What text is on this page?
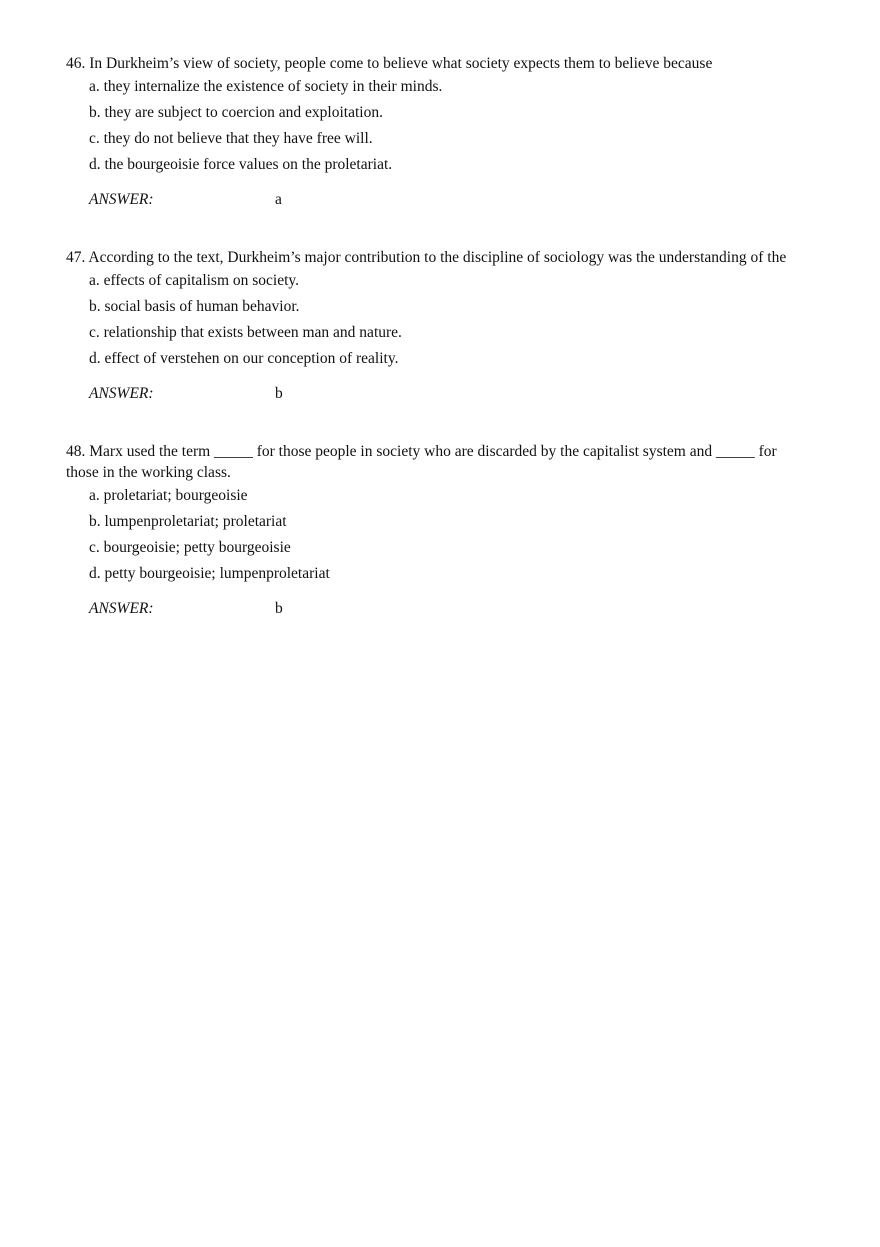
46. In Durkheim’s view of society, people come to believe what society expects them to believe because

a. they internalize the existence of society in their minds.
b. they are subject to coercion and exploitation.
c. they do not believe that they have free will.
d. the bourgeoisie force values on the proletariat.
ANSWER:	a

47. According to the text, Durkheim’s major contribution to the discipline of sociology was the understanding of the

a. effects of capitalism on society.
b. social basis of human behavior.
c. relationship that exists between man and nature.
d. effect of verstehen on our conception of reality.
ANSWER:	b

48. Marx used the term _____ for those people in society who are discarded by the capitalist system and _____ for those in the working class.

a. proletariat; bourgeoisie
b. lumpenproletariat; proletariat
c. bourgeoisie; petty bourgeoisie
d. petty bourgeoisie; lumpenproletariat
ANSWER:	b
